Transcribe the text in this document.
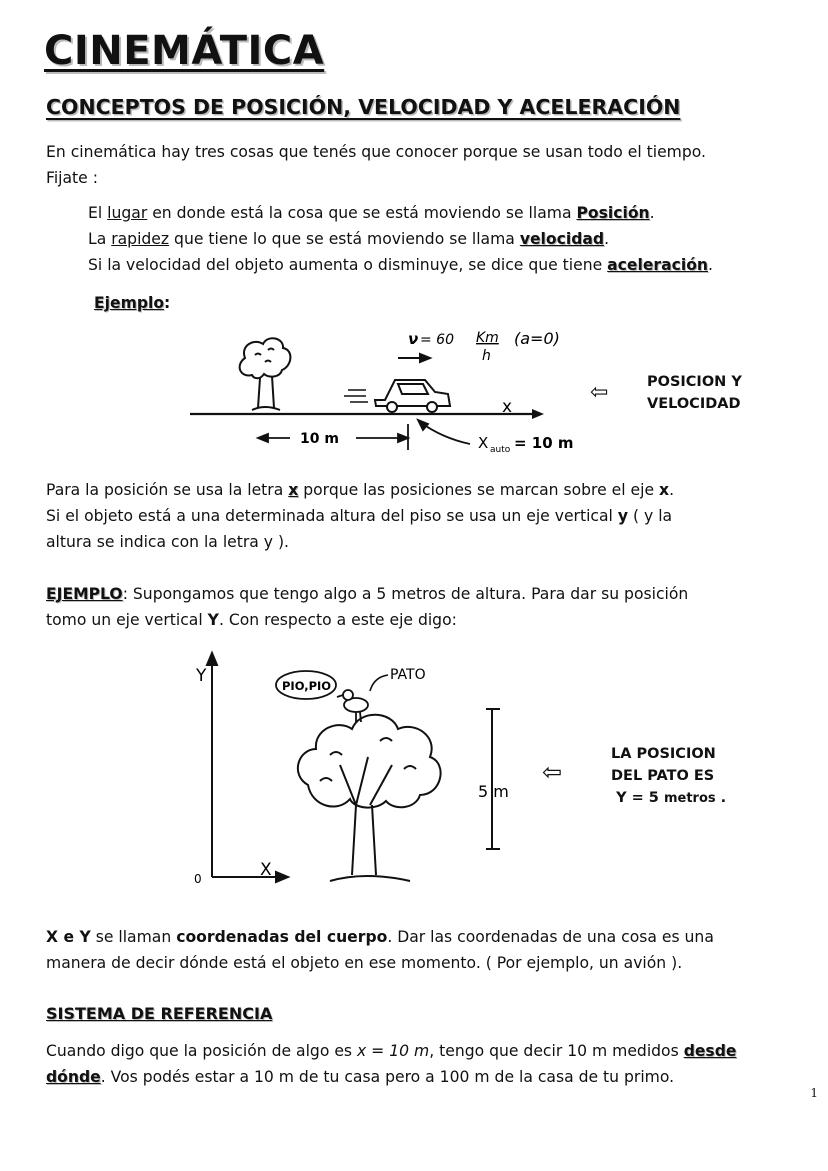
CINEMÁTICA
CONCEPTOS DE POSICIÓN, VELOCIDAD Y ACELERACIÓN
En cinemática hay tres cosas que tenés que conocer porque se usan todo el tiempo.
Fijate :
El lugar en donde está la cosa que se está moviendo se llama Posición.
La rapidez que tiene lo que se está moviendo se llama velocidad.
Si la velocidad del objeto aumenta o disminuye, se dice que tiene aceleración.
Ejemplo:
ν = 60 Km
h
(a=0)
x
10 m	X auto = 10 m
⇦	POSICION Y
VELOCIDAD
Para la posición se usa la letra x porque las posiciones se marcan sobre el eje x.
Si el objeto está a una determinada altura del piso se usa un eje vertical y ( y la
altura se indica con la letra y ).
EJEMPLO: Supongamos que tengo algo a 5 metros de altura. Para dar su posición
tomo un eje vertical Y. Con respecto a este eje digo:
Y
X
0
PIO,PIO
PATO
5 m
⇦
LA POSICION
DEL PATO ES
Y = 5 metros .
X e Y se llaman coordenadas del cuerpo. Dar las coordenadas de una cosa es una
manera de decir dónde está el objeto en ese momento. ( Por ejemplo, un avión ).
SISTEMA DE REFERENCIA
Cuando digo que la posición de algo es x = 10 m, tengo que decir 10 m medidos desde
dónde. Vos podés estar a 10 m de tu casa pero a 100 m de la casa de tu primo.
1
